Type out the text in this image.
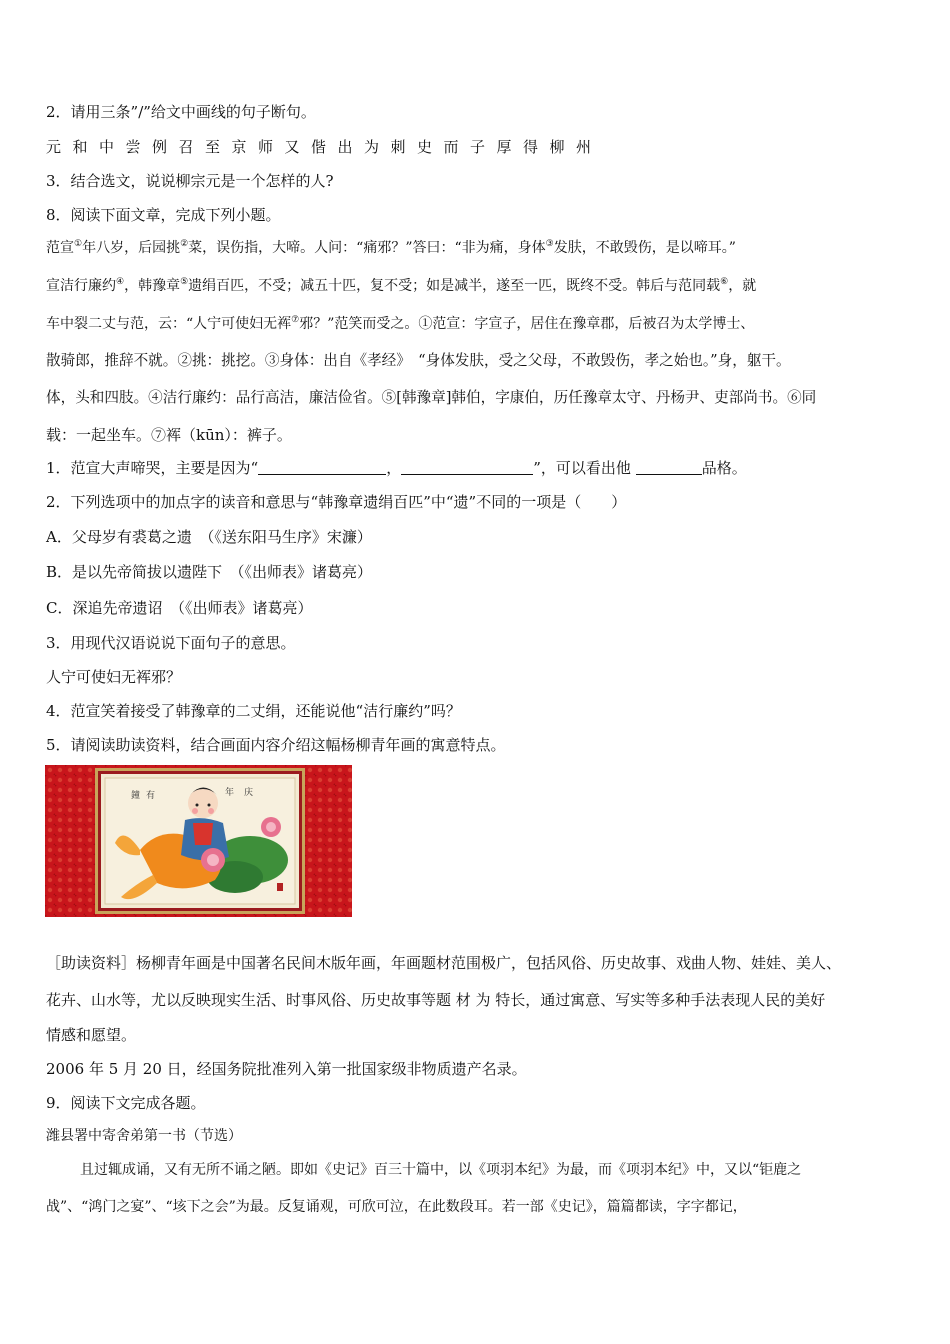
2．请用三条”/”给文中画线的句子断句。
元和中尝例召至京师又偕出为刺史而子厚得柳州
3．结合选文，说说柳宗元是一个怎样的人?
8．阅读下面文章，完成下列小题。
范宣①年八岁，后园挑②菜，误伤指，大啼。人问：“痛邪？”答曰：“非为痛，身体③发肤，不敢毁伤，是以啼耳。”
宣洁行廉约④，韩豫章⑤遗绢百匹，不受；减五十匹，复不受；如是减半，遂至一匹，既终不受。韩后与范同载⑥，就
车中裂二丈与范，云：“人宁可使妇无裈⑦邪？”范笑而受之。①范宣：字宣子，居住在豫章郡，后被召为太学博士、
散骑郎，推辞不就。②挑：挑挖。③身体：出自《孝经》　“身体发肤，受之父母，不敢毁伤，孝之始也。”身，躯干。
体，头和四肢。④洁行廉约：品行高洁，廉洁俭省。⑤[韩豫章]韩伯，字康伯，历任豫章太守、丹杨尹、吏部尚书。⑥同
载：一起坐车。⑦裈（kūn）：裤子。
1．范宣大声啼哭，主要是因为“	，	”，可以看出他	品格。
2．下列选项中的加点字的读音和意思与“韩豫章遗绢百匹”中“遗”不同的一项是（　　）
A．父母岁有裘葛之遗　（《送东阳马生序》宋濂）
B．是以先帝简拔以遗陛下　（《出师表》诸葛亮）
C．深追先帝遗诏　（《出师表》诸葛亮）
3．用现代汉语说说下面句子的意思。
人宁可使妇无裈邪？
4．范宣笑着接受了韩豫章的二丈绢，还能说他“洁行廉约”吗？
5．请阅读助读资料，结合画面内容介绍这幅杨柳青年画的寓意特点。
鐘有	年庆
［助读资料］杨柳青年画是中国著名民间木版年画，年画题材范围极广，包括风俗、历史故事、戏曲人物、娃娃、美人、
花卉、山水等，尤以反映现实生活、时事风俗、历史故事等题 材 为 特长，通过寓意、写实等多种手法表现人民的美好
情感和愿望。
2006 年 5 月 20 日，经国务院批准列入第一批国家级非物质遗产名录。
9．阅读下文完成各题。
潍县署中寄舍弟第一书（节选）
且过辄成诵，又有无所不诵之陋。即如《史记》百三十篇中，以《项羽本纪》为最，而《项羽本纪》中，又以“钜鹿之
战”、“鸿门之宴”、“垓下之会”为最。反复诵观，可欣可泣，在此数段耳。若一部《史记》，篇篇都读，字字都记，
